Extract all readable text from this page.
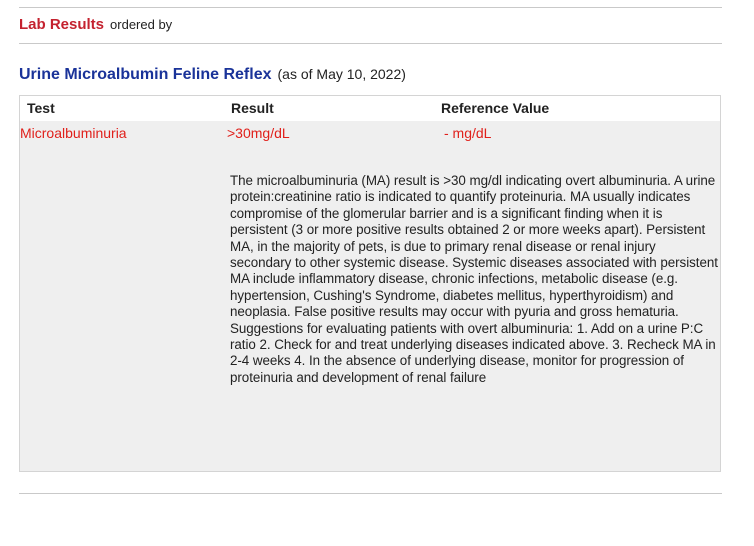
Lab Results ordered by
Urine Microalbumin Feline Reflex (as of May 10, 2022)
Test	Result	Reference Value
Microalbuminuria	>30mg/dL	- mg/dL
The microalbuminuria (MA) result is >30 mg/dl indicating overt albuminuria. A urine protein:creatinine ratio is indicated to quantify proteinuria. MA usually indicates compromise of the glomerular barrier and is a significant finding when it is persistent (3 or more positive results obtained 2 or more weeks apart). Persistent MA, in the majority of pets, is due to primary renal disease or renal injury secondary to other systemic disease. Systemic diseases associated with persistent MA include inflammatory disease, chronic infections, metabolic disease (e.g. hypertension, Cushing's Syndrome, diabetes mellitus, hyperthyroidism) and neoplasia. False positive results may occur with pyuria and gross hematuria. Suggestions for evaluating patients with overt albuminuria: 1. Add on a urine P:C ratio 2. Check for and treat underlying diseases indicated above. 3. Recheck MA in 2-4 weeks 4. In the absence of underlying disease, monitor for progression of proteinuria and development of renal failure
